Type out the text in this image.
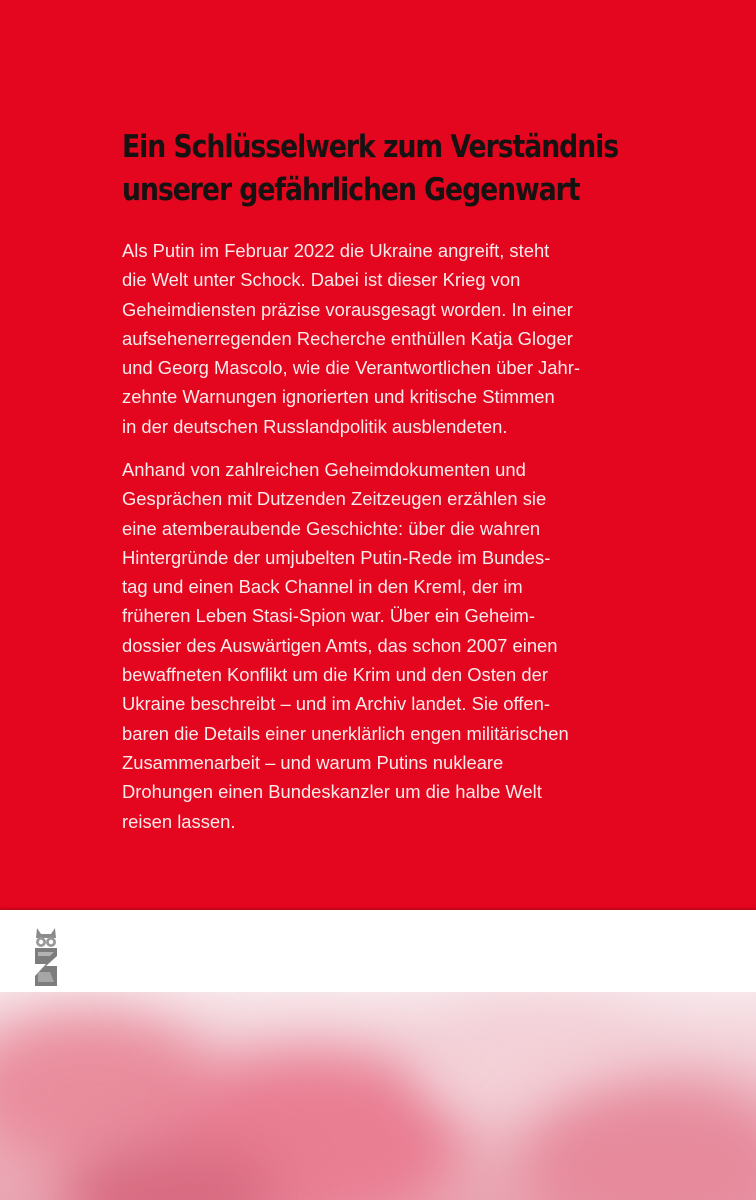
Ein Schlüsselwerk zum Verständnis
unserer gefährlichen Gegenwart
Als Putin im Februar 2022 die Ukraine angreift, steht
die Welt unter Schock. Dabei ist dieser Krieg von
Geheimdiensten präzise vorausgesagt worden. In einer
aufsehenerregenden Recherche enthüllen Katja Gloger
und Georg Mascolo, wie die Verantwortlichen über Jahr-
zehnte Warnungen ignorierten und kritische Stimmen
in der deutschen Russlandpolitik ausblendeten.
Anhand von zahlreichen Geheimdokumenten und
Gesprächen mit Dutzenden Zeitzeugen erzählen sie
eine atemberaubende Geschichte: über die wahren
Hintergründe der umjubelten Putin-Rede im Bundes-
tag und einen Back Channel in den Kreml, der im
früheren Leben Stasi-Spion war. Über ein Geheim-
dossier des Auswärtigen Amts, das schon 2007 einen
bewaffneten Konflikt um die Krim und den Osten der
Ukraine beschreibt – und im Archiv landet. Sie offen-
baren die Details einer unerklärlich engen militärischen
Zusammenarbeit – und warum Putins nukleare
Drohungen einen Bundeskanzler um die halbe Welt
reisen lassen.
